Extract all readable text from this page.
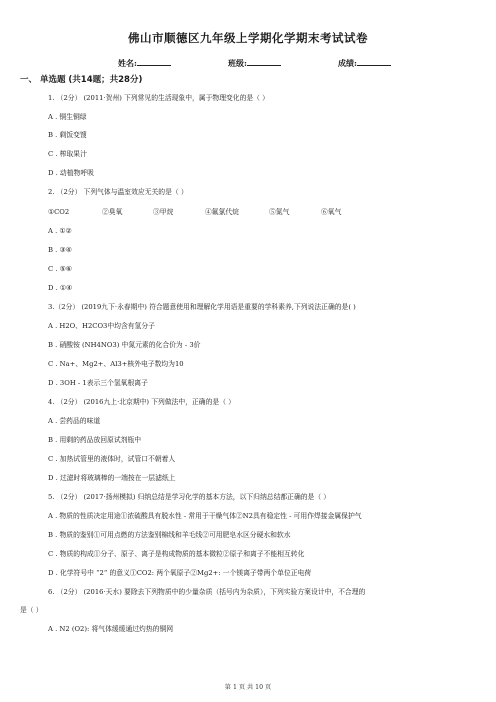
佛山市顺德区九年级上学期化学期末考试试卷
姓名:	班级:	成绩:
一、 单选题 (共14题；共28分)
1. （2分） (2011·贺州) 下列常见的生活现象中，属于物理变化的是（ ）
A . 铜生铜绿
B . 剩饭变馊
C . 榨取果汁
D . 动植物呼吸
2. （2分） 下列气体与温室效应无关的是（ ）
①CO2	②臭氧	③甲烷	④氟氯代烷	⑤氮气	⑥氧气
A . ①②
B . ③④
C . ⑤⑥
D . ①④
3.（2分） (2019九下·永春期中) 符合题意使用和理解化学用语是重要的学科素养,下列说法正确的是( )
A . H2O、H2CO3中均含有氢分子
B . 硝酸铵 (NH4NO3) 中氮元素的化合价为 - 3价
C . Na+、Mg2+、Al3+核外电子数均为10
D . 3OH - 1表示三个氢氧根离子
4. （2分） (2016九上·北京期中) 下列做法中，正确的是（ ）
A . 尝药品的味道
B . 用剩的药品放回原试剂瓶中
C . 加热试管里的液体时，试管口不朝着人
D . 过滤时将玻璃棒的一端按在一层滤纸上
5. （2分） (2017·扬州模拟) 归纳总结是学习化学的基本方法，以下归纳总结都正确的是（ ）
A . 物质的性质决定用途①浓硫酸具有脱水性 - 常用于干燥气体②N2具有稳定性 - 可用作焊接金属保护气
B . 物质的鉴别①可用点燃的方法鉴别棉线和羊毛线②可用肥皂水区分硬水和软水
C . 物质的构成①分子、原子、离子是构成物质的基本微粒②原子和离子不能相互转化
D . 化学符号中 “2” 的意义①CO2: 两个氧原子②Mg2+: 一个镁离子带两个单位正电荷
6. （2分） (2016·天水) 要除去下列物质中的少量杂质（括号内为杂质），下列实验方案设计中，不合理的
是（ ）
A . N2 (O2): 将气体缓缓通过灼热的铜网
第 1 页 共 10 页
